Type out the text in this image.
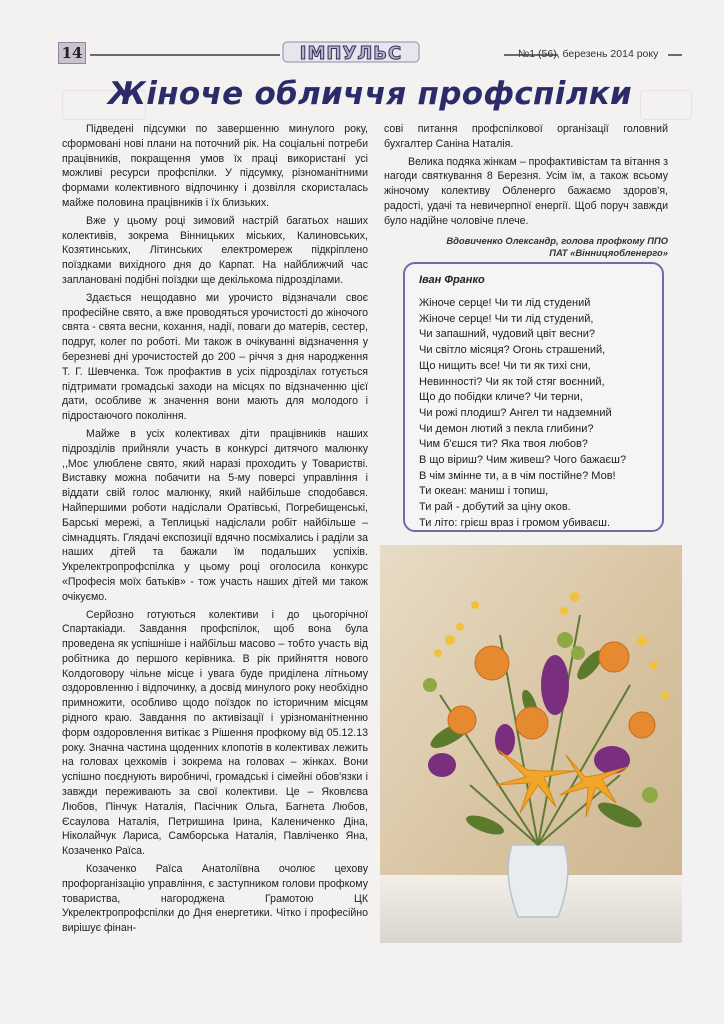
14	ІМПУЛЬС	№1 (56), березень 2014 року
Жіноче обличчя профспілки

Підведені підсумки по завершенню минулого року, сформовані нові плани на поточний рік. На соціальні потреби працівників, покращення умов їх праці використані усі можливі ресурси профспілки. У підсумку, різноманітними формами колективного відпочинку і дозвілля скористалась майже половина працівників і їх близьких.

Вже у цьому році зимовий настрій багатьох наших колективів, зокрема Вінницьких міських, Калиновських, Козятинських, Літинських електромереж підкріплено поїздками вихідного дня до Карпат. На найближчий час заплановані подібні поїздки ще декількома підрозділами.

Здається нещодавно ми урочисто відзначали своє професійне свято, а вже проводяться урочистості до жіночого свята - свята весни, кохання, надії, поваги до матерів, сестер, подруг, колег по роботі. Ми також в очікуванні відзначення у березневі дні урочистостей до 200 – річчя з дня народження Т. Г. Шевченка. Тож профактив в усіх підрозділах готується підтримати громадські заходи на місцях по відзначенню цієї дати, особливе ж значення вони мають для молодого і підростаючого покоління.

Майже в усіх колективах діти працівників наших підрозділів прийняли участь в конкурсі дитячого малюнку ,,Моє улюблене свято, який наразі проходить у Товаристві. Виставку можна побачити на 5-му поверсі управління і віддати свій голос малюнку, який найбільше сподобався. Найпершими роботи надіслали Оратівські, Погребищенські, Барські мережі, а Теплицькі надіслали робіт найбільше – сімнадцять. Глядачі експозиції вдячно посміхались і раділи за наших дітей та бажали їм подальших успіхів. Укрелектропрофспілка у цьому році оголосила конкурс «Професія моїх батьків» - тож участь наших дітей ми також очікуємо.

Серйозно готуються колективи і до цьогорічної Спартакіади. Завдання профспілок, щоб вона була проведена як успішніше і найбільш масово – тобто участь від робітника до першого керівника. В рік прийняття нового Колдоговору чільне місце і увага буде приділена літньому оздоровленню і відпочинку, а досвід минулого року необхідно примножити, особливо щодо поїздок по історичним місцям рідного краю. Завдання по активізації і урізноманітненню форм оздоровлення витікає з Рішення профкому від 05.12.13 року. Значна частина щоденних клопотів в колективах лежить на головах цехкомів і зокрема на головах – жінках. Вони успішно поєднують виробничі, громадські і сімейні обов'язки і завжди переживають за свої колективи. Це – Яковлєва Любов, Пінчук Наталія, Пасічник Ольга, Багнета Любов, Єсаулова Наталія, Петришина Ірина, Калениченко Діна, Ніколайчук Лариса, Самборська Наталія, Павліченко Яна, Козаченко Раїса.

Козаченко Раїса Анатоліївна очолює цехову профорганізацію управління, є заступником голови профкому товариства, нагороджена Грамотою ЦК Укрелектропрофспілки до Дня енергетики. Чітко і професійно вирішує фінан-

сові питання профспілкової організації головний бухгалтер Саніна Наталія.

Велика подяка жінкам – профактивістам та вітання з нагоди святкування 8 Березня. Усім їм, а також всьому жіночому колективу Обленерго бажаємо здоров'я, радості, удачі та невичерпної енергії. Щоб поруч завжди було надійне чоловіче плече.

Вдовиченко Олександр, голова профкому ППО
ПАТ «Вінницяобленерго»
Іван Франко
Жіноче серце! Чи ти лід студений
Жіноче серце! Чи ти лід студений,
Чи запашний, чудовий цвіт весни?
Чи світло місяця? Огонь страшений,
Що нищить все! Чи ти як тихі сни,
Невинності? Чи як той стяг воєнний,
Що до побідки кличе? Чи терни,
Чи рожі плодиш? Ангел ти надземний
Чи демон лютий з пекла глибини?
Чим б'єшся ти? Яка твоя любов?
В що віриш? Чим живеш? Чого бажаєш?
В чім змінне ти, а в чім постійне? Мов!
Ти океан: маниш і топиш,
Ти рай - добутий за ціну оков.
Ти літо: грієш враз і громом убиваєш.
